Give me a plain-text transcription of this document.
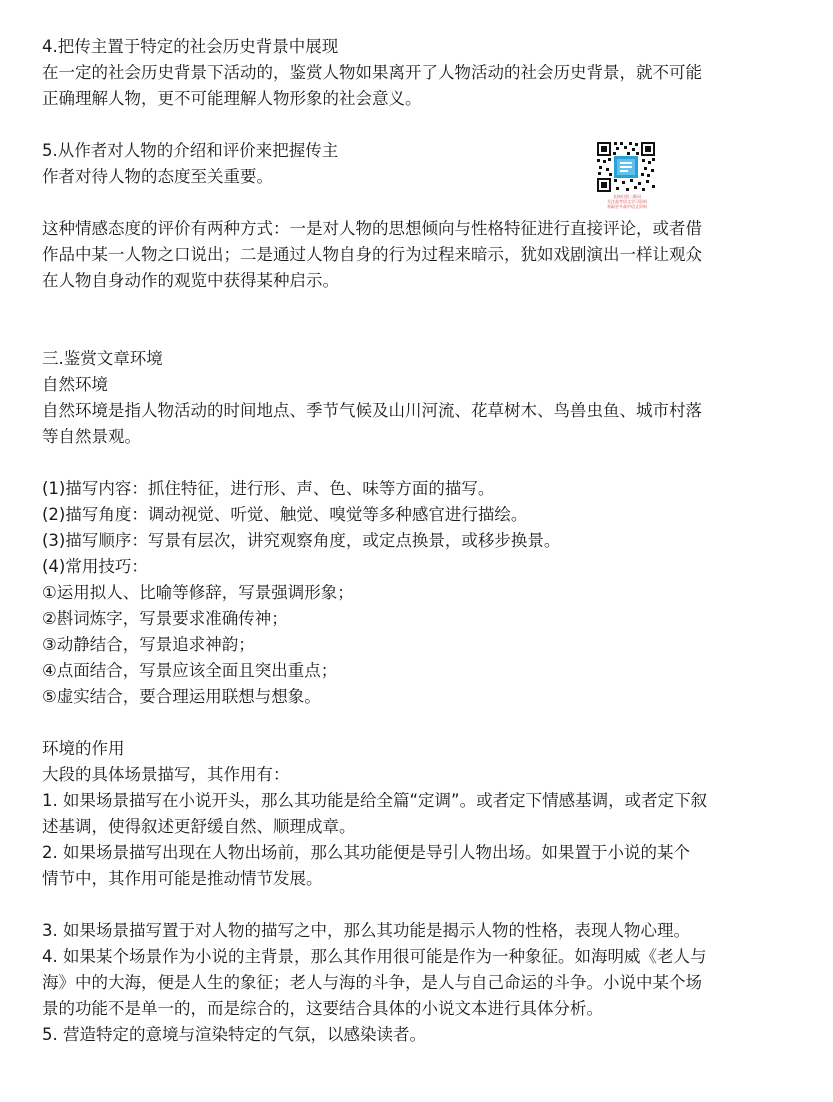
4.把传主置于特定的社会历史背景中展现
在一定的社会历史背景下活动的，鉴赏人物如果离开了人物活动的社会历史背景，就不可能
正确理解人物，更不可能理解人物形象的社会意义。
5.从作者对人物的介绍和评价来把握传主
作者对待人物的态度至关重要。
这种情感态度的评价有两种方式：一是对人物的思想倾向与性格特征进行直接评论，或者借
作品中某一人物之口说出；二是通过人物自身的行为过程来暗示，犹如戏剧演出一样让观众
在人物自身动作的观览中获得某种启示。
三.鉴赏文章环境
自然环境
自然环境是指人物活动的时间地点、季节气候及山川河流、花草树木、鸟兽虫鱼、城市村落
等自然景观。
(1)描写内容：抓住特征，进行形、声、色、味等方面的描写。
(2)描写角度：调动视觉、听觉、触觉、嗅觉等多种感官进行描绘。
(3)描写顺序：写景有层次，讲究观察角度，或定点换景，或移步换景。
(4)常用技巧：
①运用拟人、比喻等修辞，写景强调形象；
②斟词炼字，写景要求准确传神；
③动静结合，写景追求神韵；
④点面结合，写景应该全面且突出重点；
⑤虚实结合，要合理运用联想与想象。
环境的作用
大段的具体场景描写，其作用有：
1. 如果场景描写在小说开头，那么其功能是给全篇“定调”。或者定下情感基调，或者定下叙
述基调，使得叙述更舒缓自然、顺理成章。
2. 如果场景描写出现在人物出场前，那么其功能便是导引人物出场。如果置于小说的某个
情节中，其作用可能是推动情节发展。
3. 如果场景描写置于对人物的描写之中，那么其功能是揭示人物的性格，表现人物心理。
4. 如果某个场景作为小说的主背景，那么其作用很可能是作为一种象征。如海明威《老人与
海》中的大海，便是人生的象征；老人与海的斗争，是人与自己命运的斗争。小说中某个场
景的功能不是单一的，而是综合的，这要结合具体的小说文本进行具体分析。
5. 营造特定的意境与渲染特定的气氛，以感染读者。
长按识别二维码
关注高考语文学习资料
获取更多高中语文资料
